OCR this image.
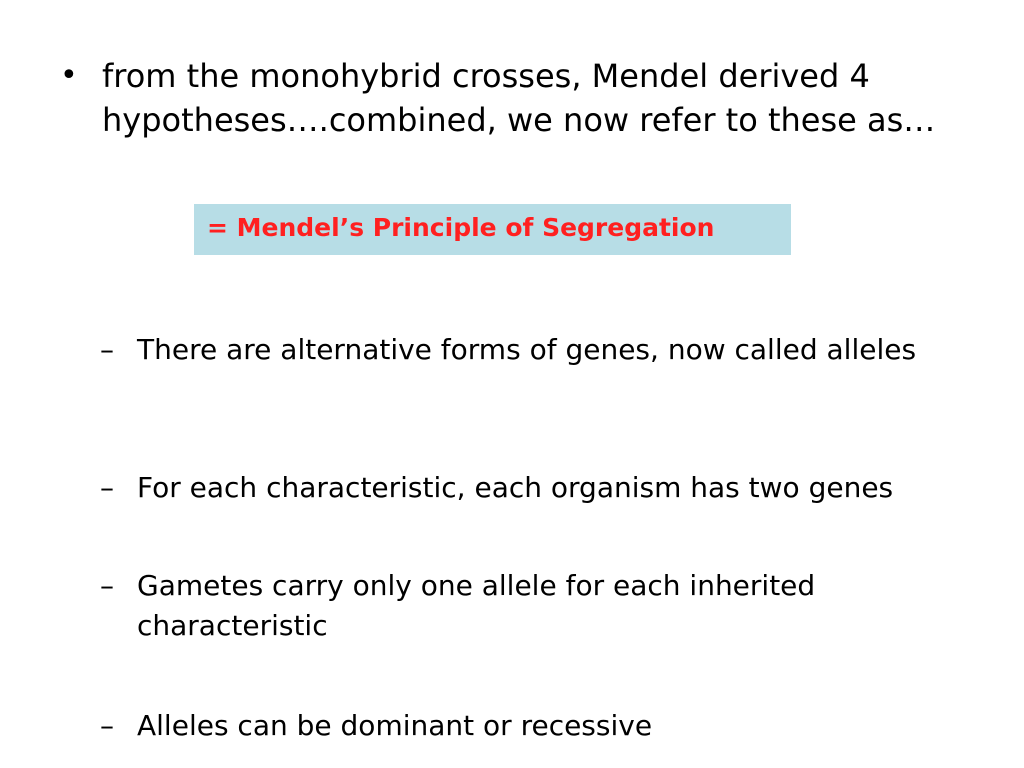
• from the monohybrid crosses, Mendel derived 4 hypotheses….combined, we now refer to these as…
= Mendel’s Principle of Segregation
– There are alternative forms of genes, now called alleles
– For each characteristic, each organism has two genes
– Gametes carry only one allele for each inherited characteristic
– Alleles can be dominant or recessive
